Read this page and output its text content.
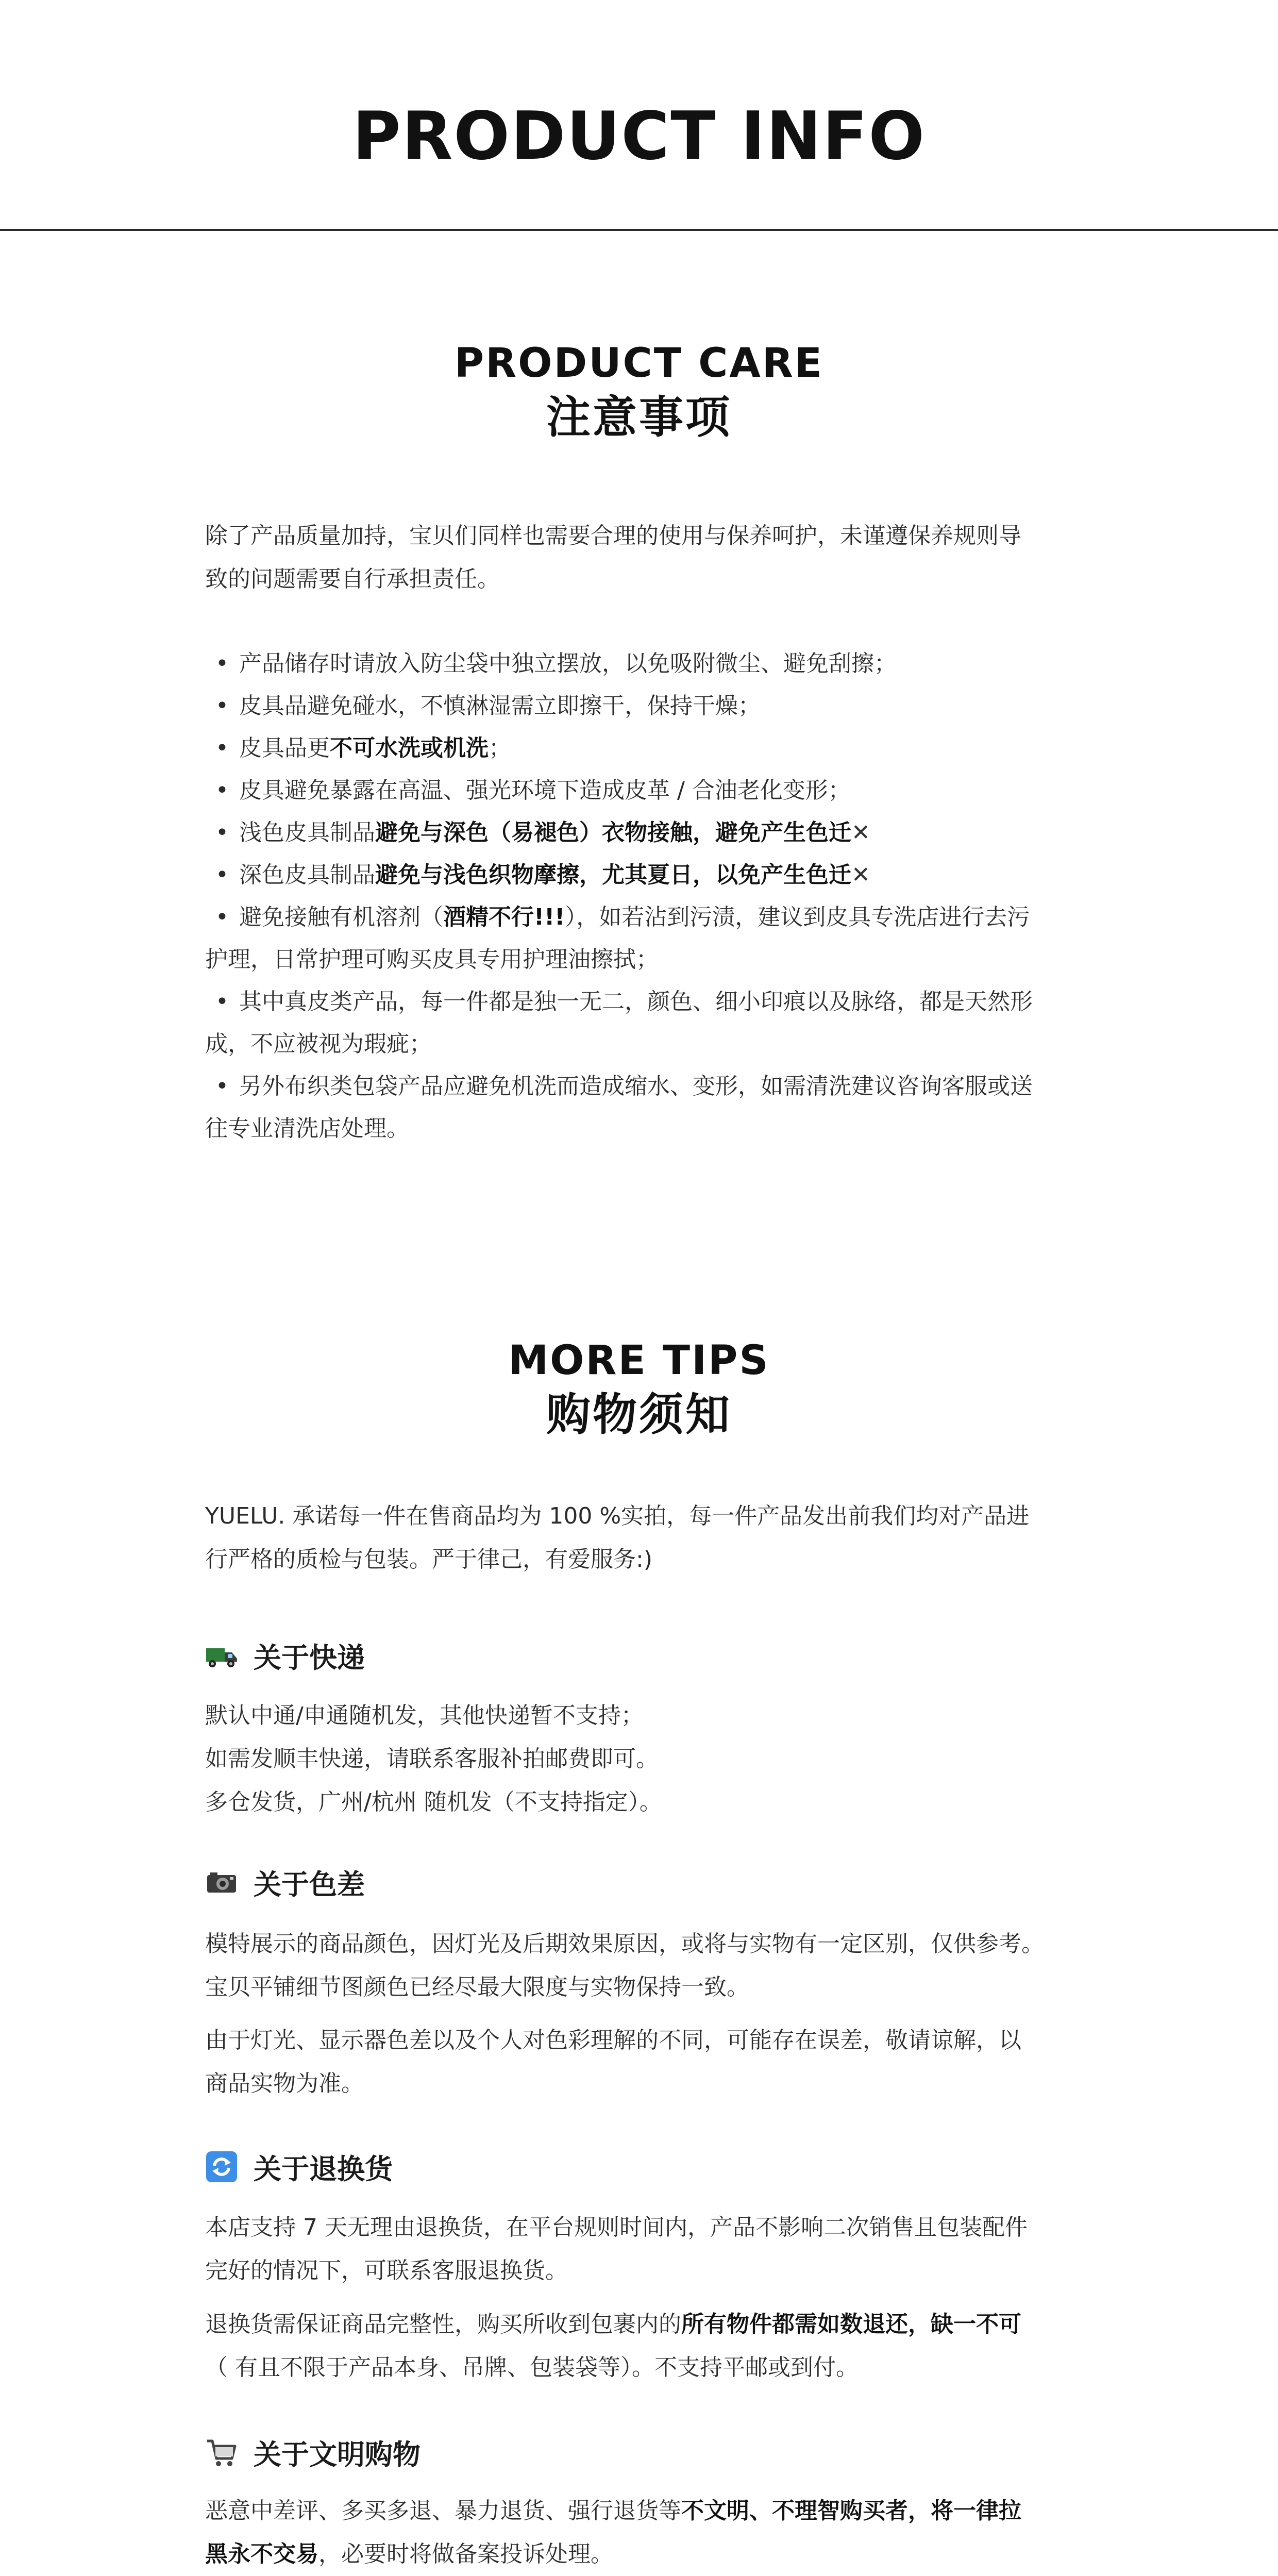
PRODUCT INFO
PRODUCT CARE
注意事项
除了产品质量加持，宝贝们同样也需要合理的使用与保养呵护，未谨遵保养规则导
致的问题需要自行承担责任。
• 产品储存时请放入防尘袋中独立摆放，以免吸附微尘、避免刮擦；
• 皮具品避免碰水，不慎淋湿需立即擦干，保持干燥；
• 皮具品更不可水洗或机洗；
• 皮具避免暴露在高温、强光环境下造成皮革 / 合油老化变形；
• 浅色皮具制品避免与深色（易褪色）衣物接触，避免产生色迁✕
• 深色皮具制品避免与浅色织物摩擦，尤其夏日，以免产生色迁✕
• 避免接触有机溶剂（酒精不行!!!），如若沾到污渍，建议到皮具专洗店进行去污
护理，日常护理可购买皮具专用护理油擦拭；
• 其中真皮类产品，每一件都是独一无二，颜色、细小印痕以及脉络，都是天然形
成，不应被视为瑕疵；
• 另外布织类包袋产品应避免机洗而造成缩水、变形，如需清洗建议咨询客服或送
往专业清洗店处理。
MORE TIPS
购物须知
YUELU. 承诺每一件在售商品均为 100 %实拍，每一件产品发出前我们均对产品进
行严格的质检与包装。严于律己，有爱服务:)
关于快递
默认中通/申通随机发，其他快递暂不支持；
如需发顺丰快递，请联系客服补拍邮费即可。
多仓发货，广州/杭州 随机发（不支持指定）。
关于色差
模特展示的商品颜色，因灯光及后期效果原因，或将与实物有一定区别，仅供参考。
宝贝平铺细节图颜色已经尽最大限度与实物保持一致。
由于灯光、显示器色差以及个人对色彩理解的不同，可能存在误差，敬请谅解，以
商品实物为准。
关于退换货
本店支持 7 天无理由退换货，在平台规则时间内，产品不影响二次销售且包装配件
完好的情况下，可联系客服退换货。
退换货需保证商品完整性，购买所收到包裹内的所有物件都需如数退还，缺一不可
（ 有且不限于产品本身、吊牌、包装袋等）。不支持平邮或到付。
关于文明购物
恶意中差评、多买多退、暴力退货、强行退货等不文明、不理智购买者，将一律拉
黑永不交易，必要时将做备案投诉处理。
